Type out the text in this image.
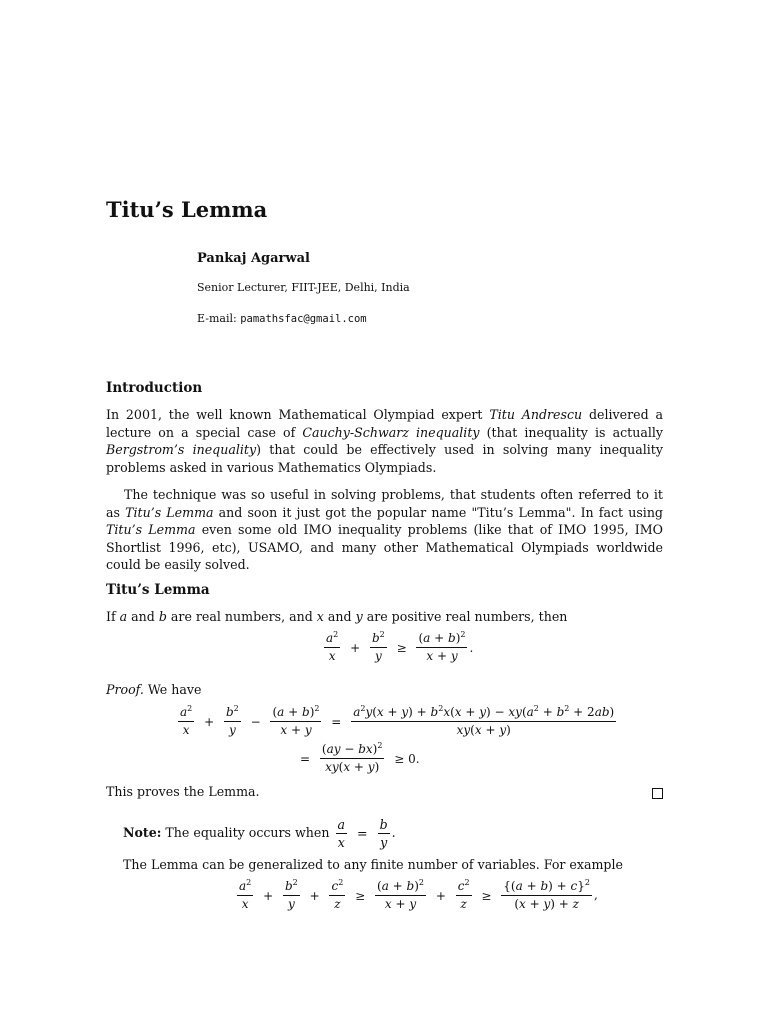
Titu’s Lemma
Pankaj Agarwal
Senior Lecturer, FIIT-JEE, Delhi, India
E-mail: pamathsfac@gmail.com
Introduction

In 2001, the well known Mathematical Olympiad expert Titu Andrescu delivered a lecture on a special case of Cauchy-Schwarz inequality (that inequality is actually Bergstrom’s inequality) that could be effectively used in solving many inequality problems asked in various Mathematics Olympiads.

The technique was so useful in solving problems, that students often referred to it as Titu’s Lemma and soon it just got the popular name "Titu’s Lemma". In fact using Titu’s Lemma even some old IMO inequality problems (like that of IMO 1995, IMO Shortlist 1996, etc), USAMO, and many other Mathematical Olympiads worldwide could be easily solved.

Titu’s Lemma
If a and b are real numbers, and x and y are positive real numbers, then
$\frac{a^2}{x} + \frac{b^2}{y} \ge \frac{(a + b)^2}{x + y}$ .
Proof. We have
$\frac{a^2}{x} + \frac{b^2}{y} - \frac{(a + b)^2}{x + y} = \frac{a^2y(x + y) + b^2x(x + y) - xy(a^2 + b^2 + 2ab)}{xy(x + y)}$
= $\frac{(ay - bx)^2}{xy(x + y)} \ge 0$.
This proves the Lemma.
Note: The equality occurs when $\frac{a}{x} = \frac{b}{y}$ .
The Lemma can be generalized to any finite number of variables. For example
$\frac{a^2}{x} + \frac{b^2}{y} + \frac{c^2}{z} \ge \frac{(a + b)^2}{x + y} + \frac{c^2}{z} \ge \frac{\{(a + b) + c\}^2}{(x + y) + z}$ ,
